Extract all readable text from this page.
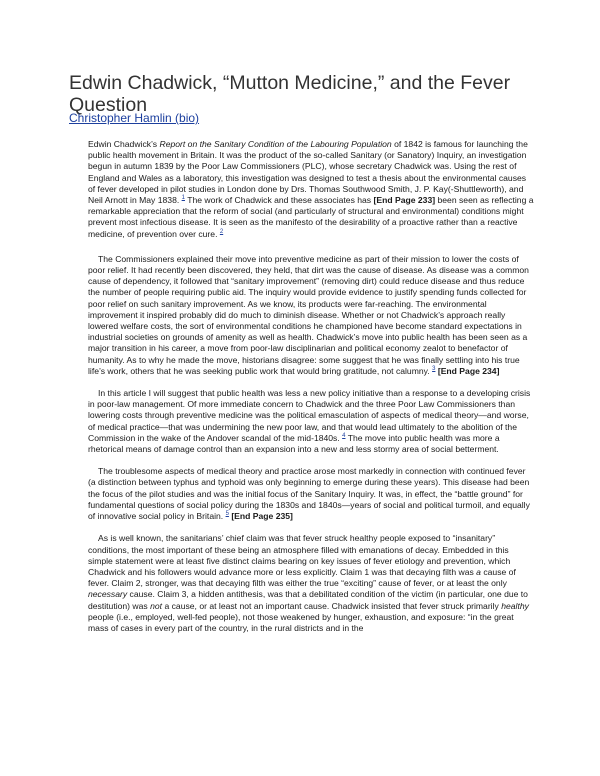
Edwin Chadwick, “Mutton Medicine,” and the Fever Question
Christopher Hamlin (bio)

Edwin Chadwick’s Report on the Sanitary Condition of the Labouring Population of 1842 is famous for launching the public health movement in Britain. It was the product of the so-called Sanitary (or Sanatory) Inquiry, an investigation begun in autumn 1839 by the Poor Law Commissioners (PLC), whose secretary Chadwick was. Using the rest of England and Wales as a laboratory, this investigation was designed to test a thesis about the environmental causes of fever developed in pilot studies in London done by Drs. Thomas Southwood Smith, J. P. Kay(-Shuttleworth), and Neil Arnott in May 1838. $^1$ The work of Chadwick and these associates has [End Page 233] been seen as reflecting a remarkable appreciation that the reform of social (and particularly of structural and environmental) conditions might prevent most infectious disease. It is seen as the manifesto of the desirability of a proactive rather than a reactive medicine, of prevention over cure. $^2$

The Commissioners explained their move into preventive medicine as part of their mission to lower the costs of poor relief. It had recently been discovered, they held, that dirt was the cause of disease. As disease was a common cause of dependency, it followed that “sanitary improvement” (removing dirt) could reduce disease and thus reduce the number of people requiring public aid. The inquiry would provide evidence to justify spending funds collected for poor relief on such sanitary improvement. As we know, its products were far-reaching. The environmental improvement it inspired probably did do much to diminish disease. Whether or not Chadwick’s approach really lowered welfare costs, the sort of environmental conditions he championed have become standard expectations in industrial societies on grounds of amenity as well as health. Chadwick’s move into public health has been seen as a major transition in his career, a move from poor-law disciplinarian and political economy zealot to benefactor of humanity. As to why he made the move, historians disagree: some suggest that he was finally settling into his true life’s work, others that he was seeking public work that would bring gratitude, not calumny. $^3$ [End Page 234]

In this article I will suggest that public health was less a new policy initiative than a response to a developing crisis in poor-law management. Of more immediate concern to Chadwick and the three Poor Law Commissioners than lowering costs through preventive medicine was the political emasculation of aspects of medical theory—and worse, of medical practice—that was undermining the new poor law, and that would lead ultimately to the abolition of the Commission in the wake of the Andover scandal of the mid-1840s. $^4$ The move into public health was more a rhetorical means of damage control than an expansion into a new and less stormy area of social betterment.

The troublesome aspects of medical theory and practice arose most markedly in connection with continued fever (a distinction between typhus and typhoid was only beginning to emerge during these years). This disease had been the focus of the pilot studies and was the initial focus of the Sanitary Inquiry. It was, in effect, the “battle ground” for fundamental questions of social policy during the 1830s and 1840s—years of social and political turmoil, and equally of innovative social policy in Britain. $^5$ [End Page 235]

As is well known, the sanitarians’ chief claim was that fever struck healthy people exposed to “insanitary” conditions, the most important of these being an atmosphere filled with emanations of decay. Embedded in this simple statement were at least five distinct claims bearing on key issues of fever etiology and prevention, which Chadwick and his followers would advance more or less explicitly. Claim 1 was that decaying filth was a cause of fever. Claim 2, stronger, was that decaying filth was either the true “exciting” cause of fever, or at least the only necessary cause. Claim 3, a hidden antithesis, was that a debilitated condition of the victim (in particular, one due to destitution) was not a cause, or at least not an important cause. Chadwick insisted that fever struck primarily healthy people (i.e., employed, well-fed people), not those weakened by hunger, exhaustion, and exposure: “in the great mass of cases in every part of the country, in the rural districts and in the
